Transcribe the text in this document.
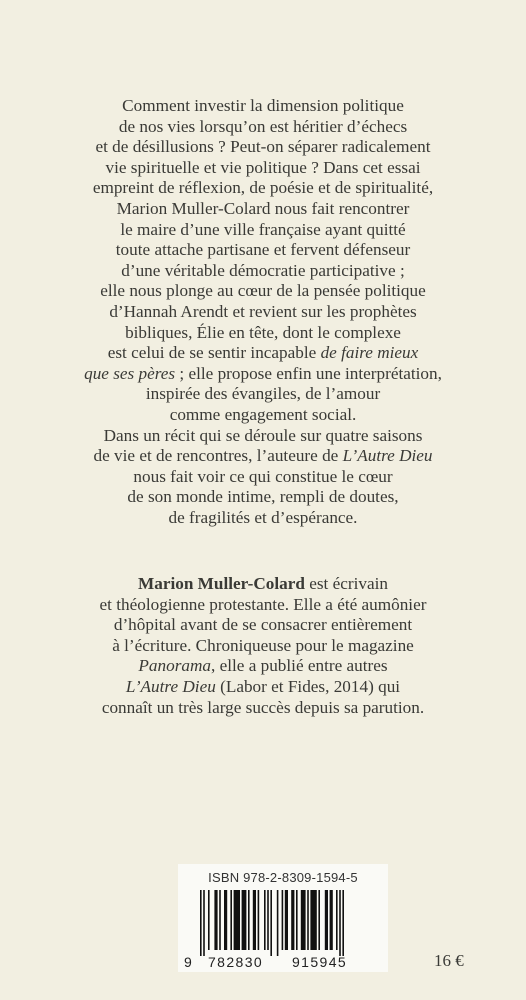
Comment investir la dimension politique
de nos vies lorsqu’on est héritier d’échecs
et de désillusions ? Peut-on séparer radicalement
vie spirituelle et vie politique ? Dans cet essai
empreint de réflexion, de poésie et de spiritualité,
Marion Muller-Colard nous fait rencontrer
le maire d’une ville française ayant quitté
toute attache partisane et fervent défenseur
d’une véritable démocratie participative ;
elle nous plonge au cœur de la pensée politique
d’Hannah Arendt et revient sur les prophètes
bibliques, Élie en tête, dont le complexe
est celui de se sentir incapable de faire mieux
que ses pères ; elle propose enfin une interprétation,
inspirée des évangiles, de l’amour
comme engagement social.
Dans un récit qui se déroule sur quatre saisons
de vie et de rencontres, l’auteure de L’Autre Dieu
nous fait voir ce qui constitue le cœur
de son monde intime, rempli de doutes,
de fragilités et d’espérance.
Marion Muller-Colard est écrivain
et théologienne protestante. Elle a été aumônier
d’hôpital avant de se consacrer entièrement
à l’écriture. Chroniqueuse pour le magazine
Panorama, elle a publié entre autres
L’Autre Dieu (Labor et Fides, 2014) qui
connaît un très large succès depuis sa parution.
ISBN 978-2-8309-1594-5
9 782830 915945	16 €
